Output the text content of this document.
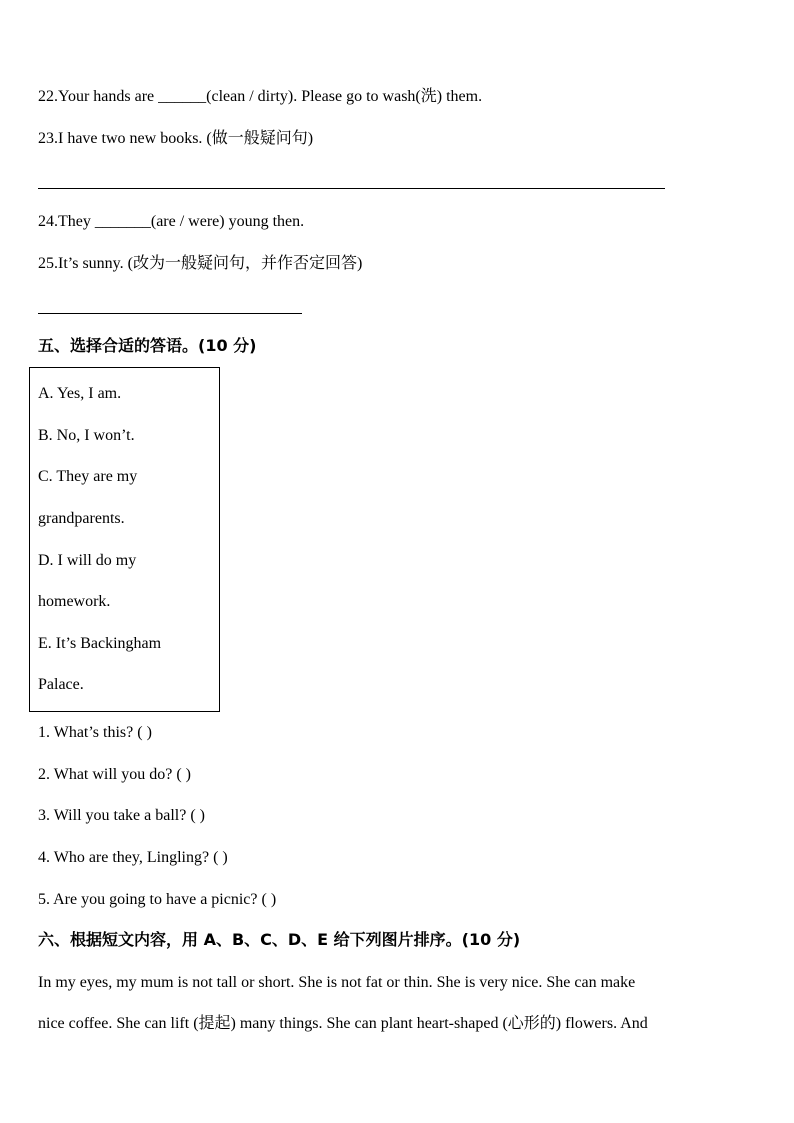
22.Your hands are ______(clean / dirty). Please go to wash(洗) them.
23.I have two new books. (做一般疑问句)
24.They _______(are / were) young then.
25.It’s sunny. (改为一般疑问句，并作否定回答)
五、选择合适的答语。(10 分)
A. Yes, I am.
B. No, I won’t.
C. They are my
grandparents.
D. I will do my
homework.
E. It’s Backingham
Palace.
1. What’s this? ( )
2. What will you do? ( )
3. Will you take a ball? ( )
4. Who are they, Lingling? ( )
5. Are you going to have a picnic? ( )
六、根据短文内容，用 A、B、C、D、E 给下列图片排序。(10 分)
In my eyes, my mum is not tall or short. She is not fat or thin. She is very nice. She can make
nice coffee. She can lift (提起) many things. She can plant heart-shaped (心形的) flowers. And
